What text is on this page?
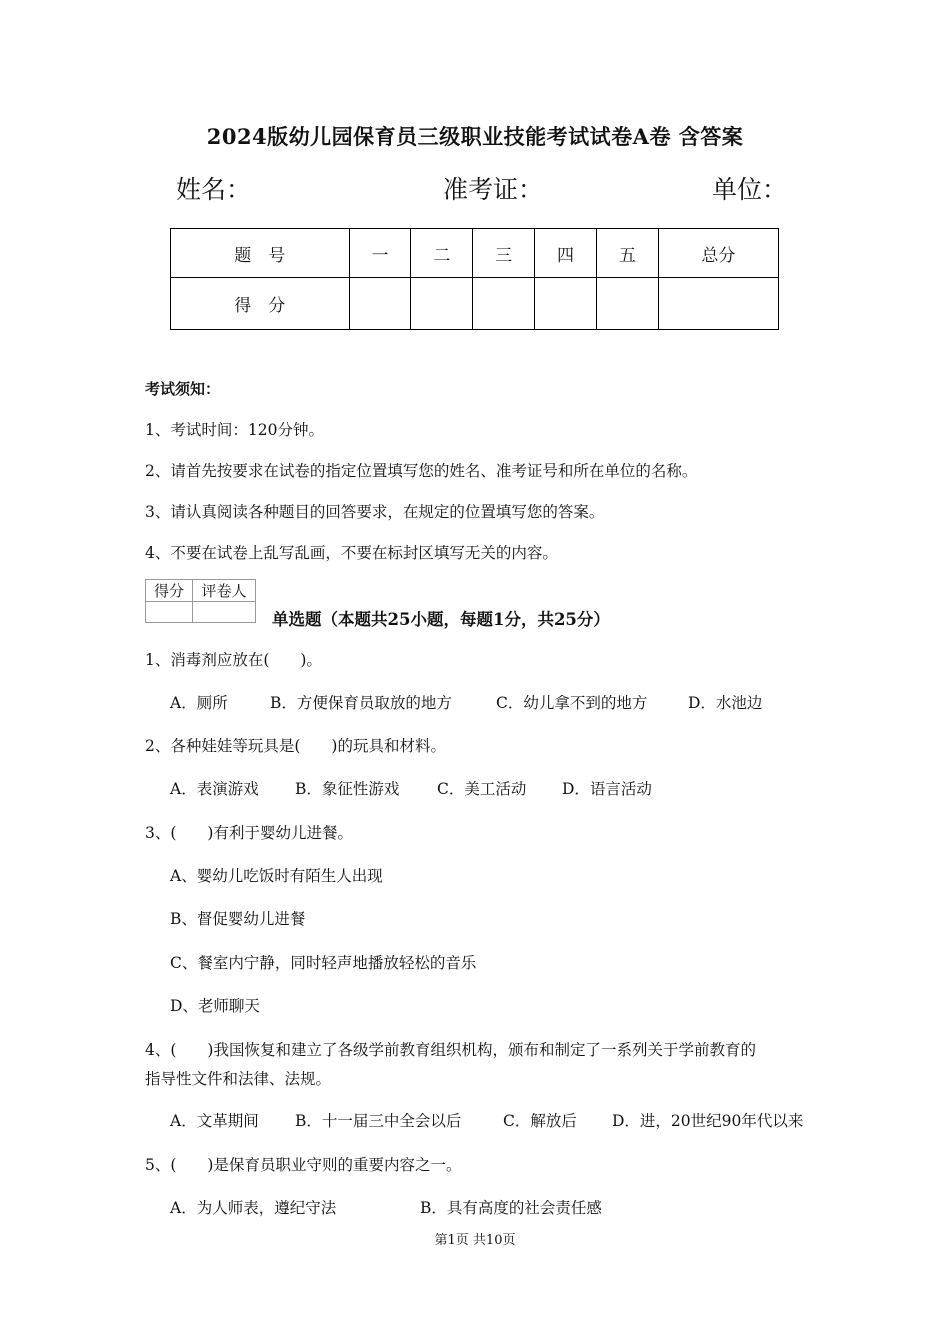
2024版幼儿园保育员三级职业技能考试试卷A卷 含答案
姓名：	准考证：	单位：
题　号	一	二	三	四	五	总分
得　分						
考试须知：
1、考试时间：120分钟。
2、请首先按要求在试卷的指定位置填写您的姓名、准考证号和所在单位的名称。
3、请认真阅读各种题目的回答要求，在规定的位置填写您的答案。
4、不要在试卷上乱写乱画，不要在标封区填写无关的内容。
得分	评卷人

单选题（本题共25小题，每题1分，共25分）
1、消毒剂应放在(　　)。
A．厕所	B．方便保育员取放的地方	C．幼儿拿不到的地方	D．水池边
2、各种娃娃等玩具是(　　)的玩具和材料。
A．表演游戏 B．象征性游戏 C．美工活动 D．语言活动
3、(　　)有利于婴幼儿进餐。
A、婴幼儿吃饭时有陌生人出现
B、督促婴幼儿进餐
C、餐室内宁静，同时轻声地播放轻松的音乐
D、老师聊天
4、(　　)我国恢复和建立了各级学前教育组织机构，颁布和制定了一系列关于学前教育的
指导性文件和法律、法规。
A．文革期间 B．十一届三中全会以后	C．解放后 D．进，20世纪90年代以来
5、(　　)是保育员职业守则的重要内容之一。
A．为人师表，遵纪守法	B．具有高度的社会责任感
第1页 共10页
